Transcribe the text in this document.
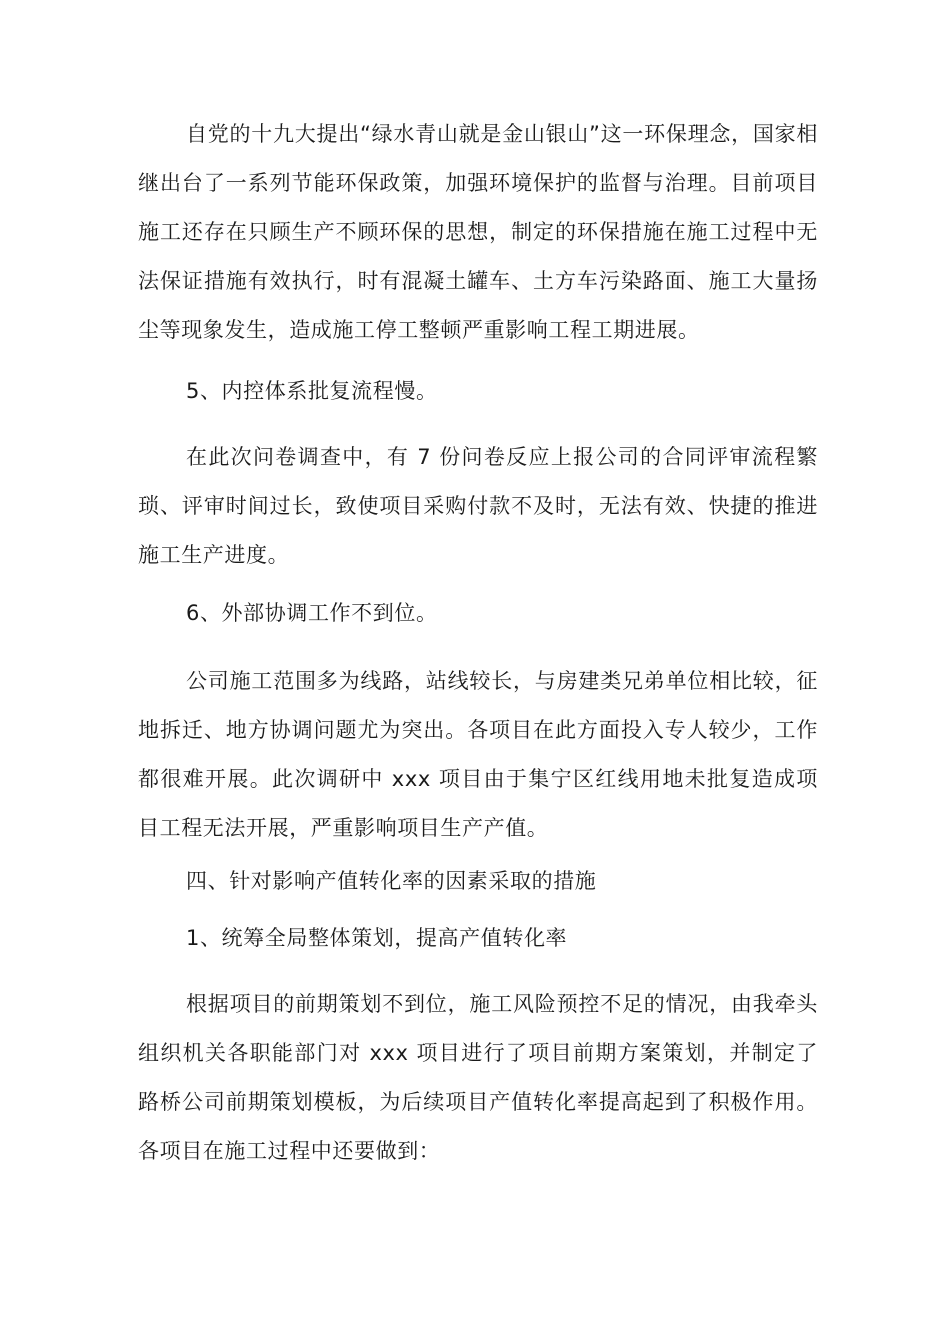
自党的十九大提出“绿水青山就是金山银山”这一环保理念，国家相继出台了一系列节能环保政策，加强环境保护的监督与治理。目前项目施工还存在只顾生产不顾环保的思想，制定的环保措施在施工过程中无法保证措施有效执行，时有混凝土罐车、土方车污染路面、施工大量扬尘等现象发生，造成施工停工整顿严重影响工程工期进展。

5、内控体系批复流程慢。

在此次问卷调查中，有 7 份问卷反应上报公司的合同评审流程繁琐、评审时间过长，致使项目采购付款不及时，无法有效、快捷的推进施工生产进度。

6、外部协调工作不到位。

公司施工范围多为线路，站线较长，与房建类兄弟单位相比较，征地拆迁、地方协调问题尤为突出。各项目在此方面投入专人较少，工作都很难开展。此次调研中 xxx 项目由于集宁区红线用地未批复造成项目工程无法开展，严重影响项目生产产值。

四、针对影响产值转化率的因素采取的措施

1、统筹全局整体策划，提高产值转化率

根据项目的前期策划不到位，施工风险预控不足的情况，由我牵头组织机关各职能部门对 xxx 项目进行了项目前期方案策划，并制定了路桥公司前期策划模板，为后续项目产值转化率提高起到了积极作用。各项目在施工过程中还要做到：
